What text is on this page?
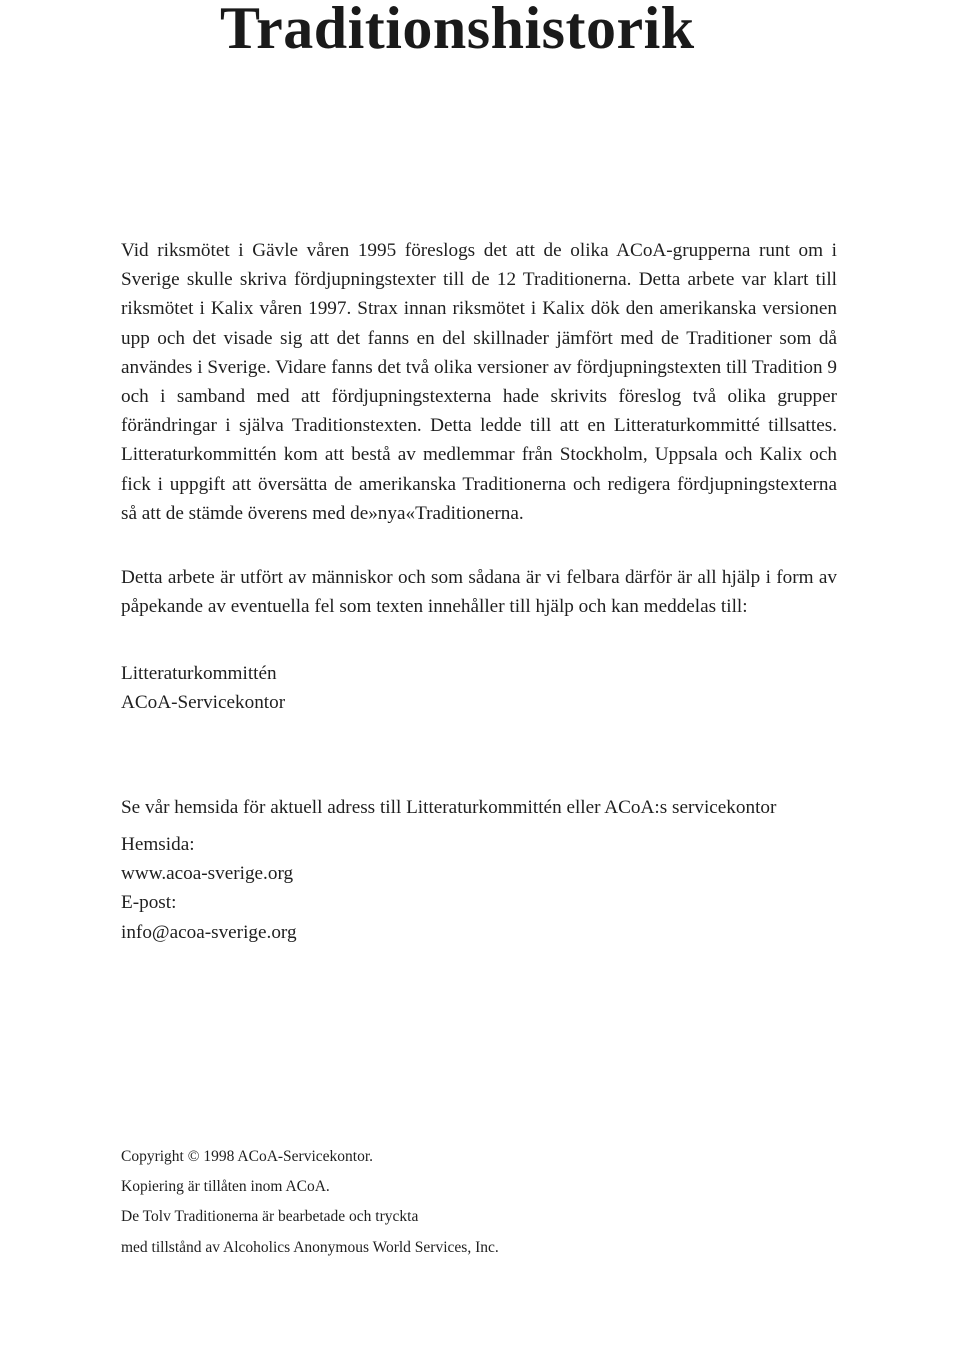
Traditionshistorik

Vid riksmötet i Gävle våren 1995 föreslogs det att de olika ACoA-grupperna runt om i Sverige skulle skriva fördjupningstexter till de 12 Traditionerna. Detta arbete var klart till riksmötet i Kalix våren 1997. Strax innan riksmötet i Kalix dök den amerikanska versionen upp och det visade sig att det fanns en del skillnader jämfört med de Traditioner som då användes i Sverige. Vidare fanns det två olika versioner av fördjupningstexten till Tradition 9 och i samband med att fördjupningstexterna hade skrivits föreslog två olika grupper förändringar i själva Traditionstexten. Detta ledde till att en Litteraturkommitté tillsattes. Litteraturkommittén kom att bestå av medlemmar från Stockholm, Uppsala och Kalix och fick i uppgift att översätta de amerikanska Traditionerna och redigera fördjupningstexterna så att de stämde överens med de»nya«Traditionerna.

Detta arbete är utfört av människor och som sådana är vi felbara därför är all hjälp i form av påpekande av eventuella fel som texten innehåller till hjälp och kan meddelas till:

Litteraturkommittén
ACoA-Servicekontor
Se vår hemsida för aktuell adress till Litteraturkommittén eller ACoA:s servicekontor
Hemsida:
www.acoa-sverige.org
E-post:
info@acoa-sverige.org
Copyright © 1998 ACoA-Servicekontor.
Kopiering är tillåten inom ACoA.
De Tolv Traditionerna är bearbetade och tryckta
med tillstånd av Alcoholics Anonymous World Services, Inc.
